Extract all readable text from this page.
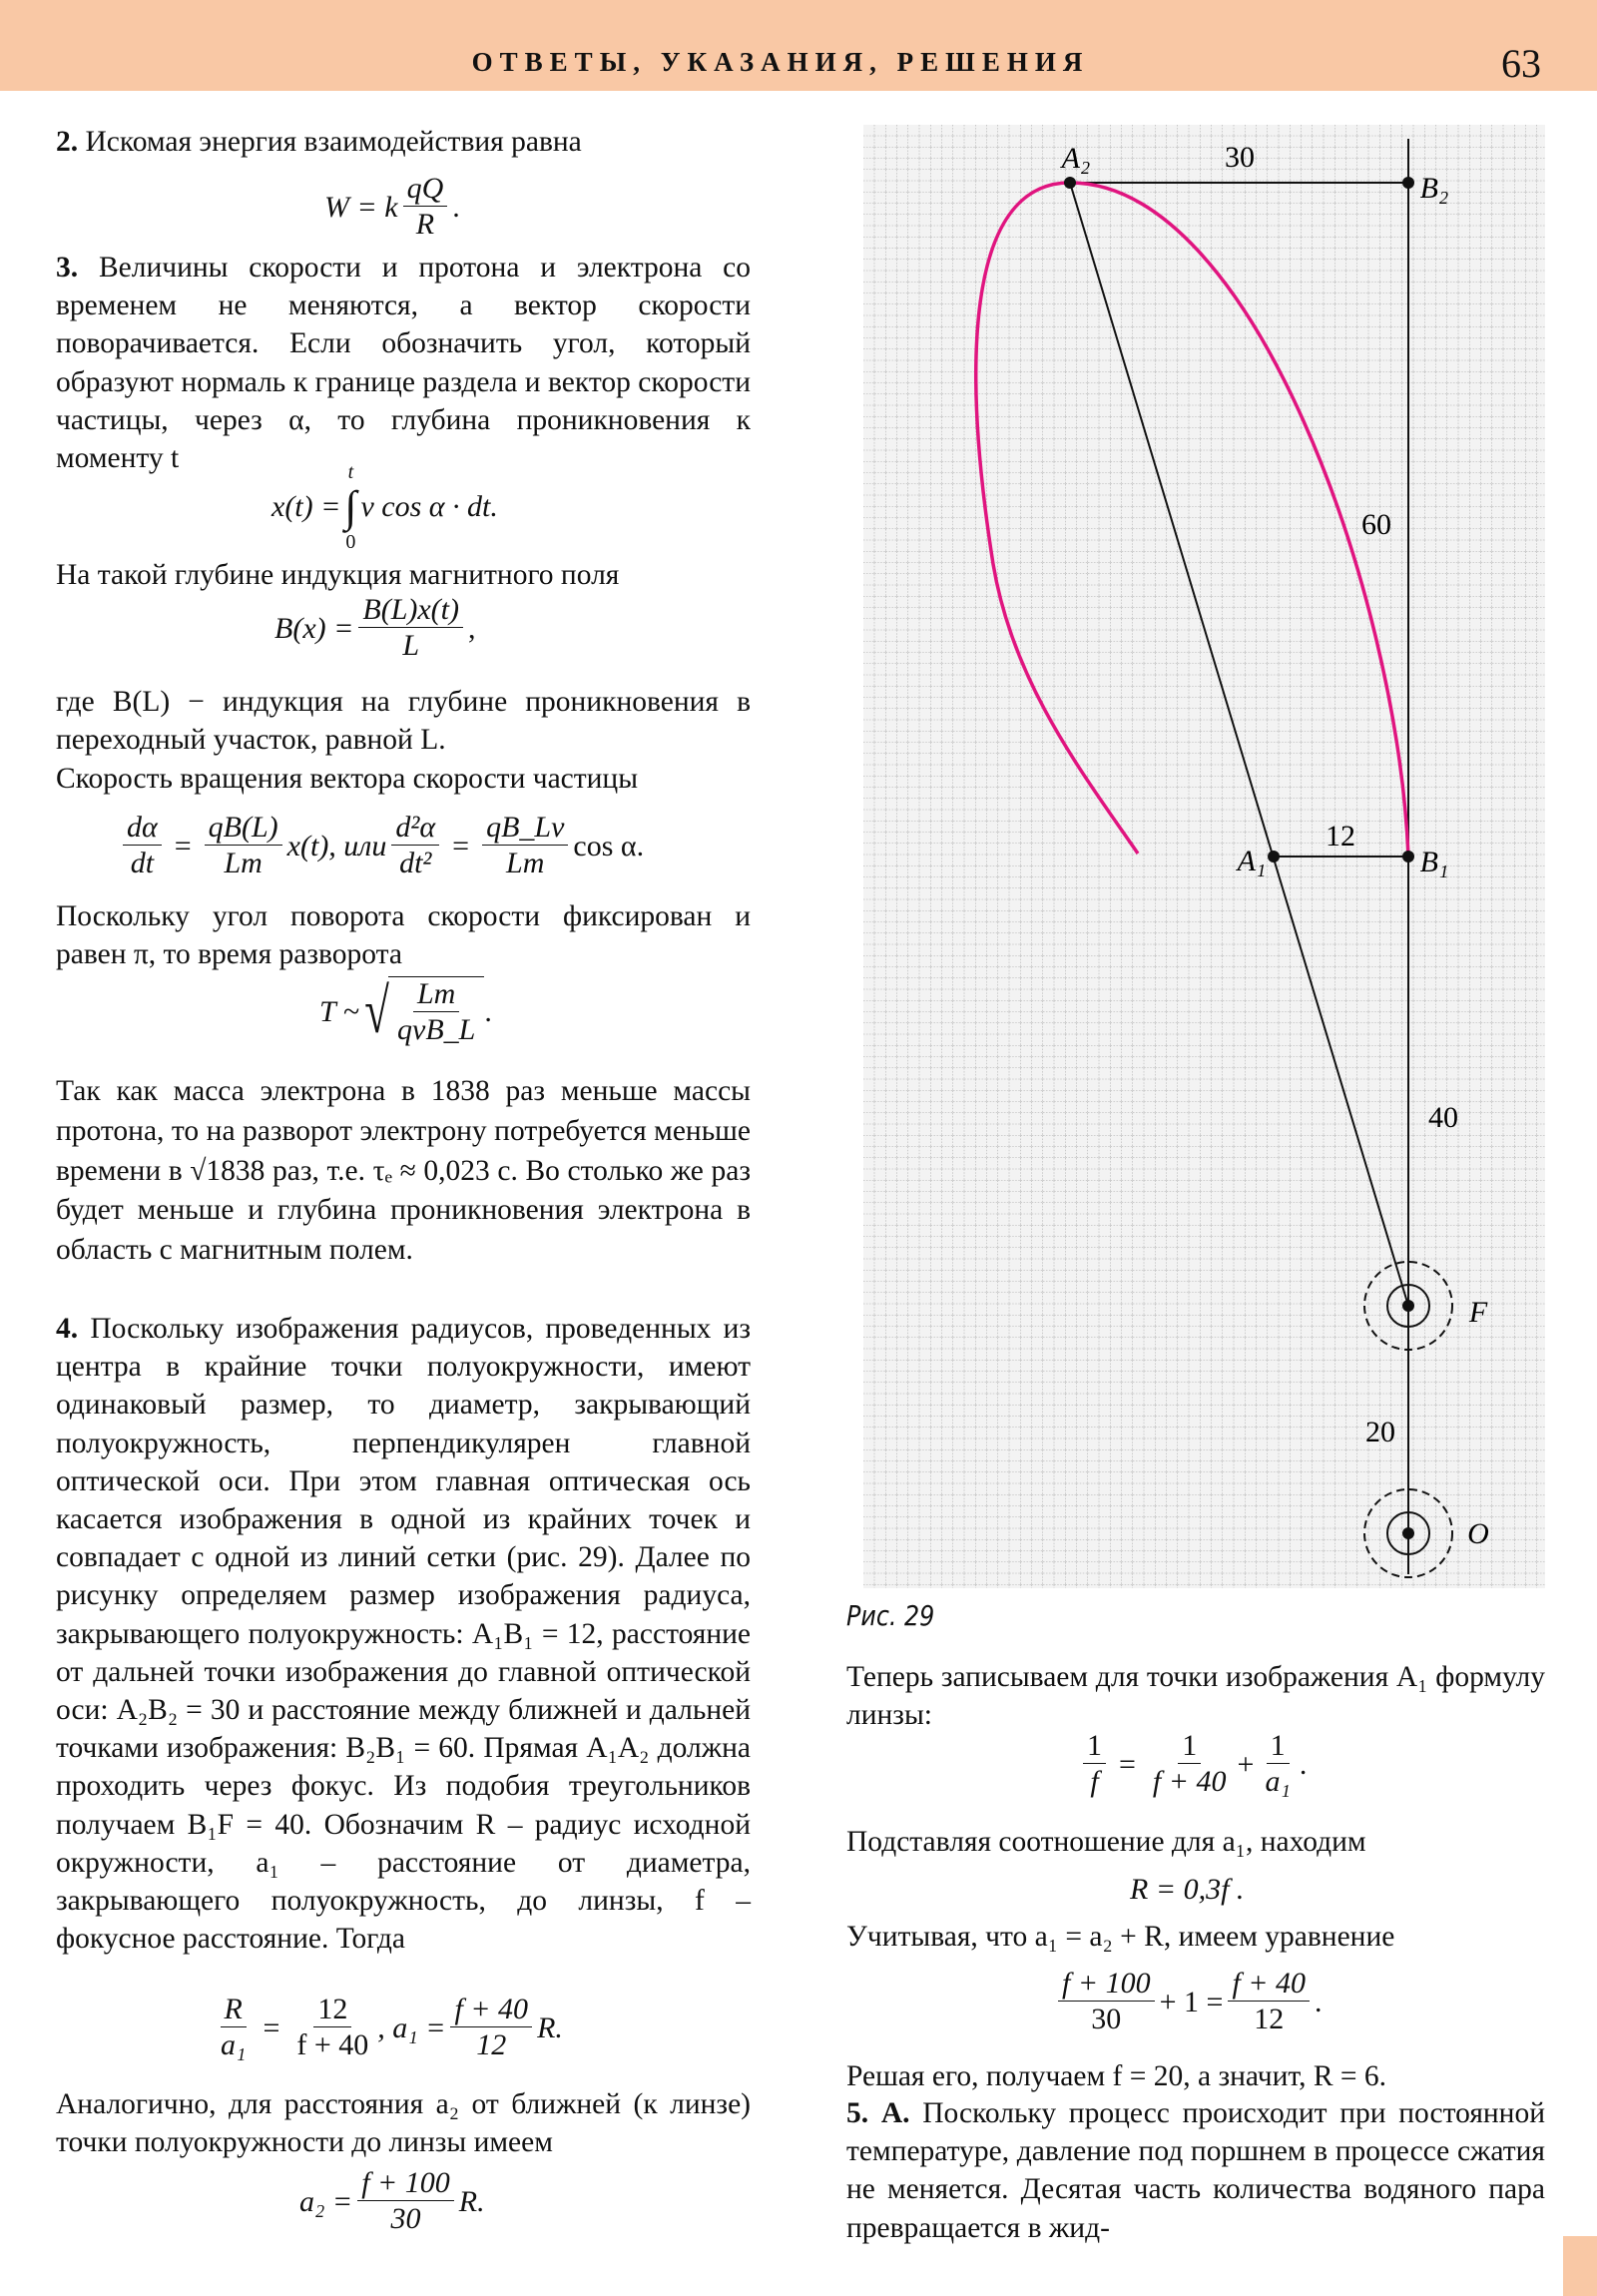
ОТВЕТЫ, УКАЗАНИЯ, РЕШЕНИЯ	63
2. Искомая энергия взаимодействия равна
W = k $\frac{qQ}{R}$ .
3. Величины скорости и протона и электрона со временем не меняются, а вектор скорости поворачивается. Если обозначить угол, который образуют нормаль к границе раздела и вектор скорости частицы, через α, то глубина проникновения к моменту t
x(t) =
t
∫
0
v cos α · dt.
На такой глубине индукция магнитного поля
$B(x) = \frac{B(L)x(t)}{L}$ ,
где B(L) − индукция на глубине проникновения в переходный участок, равной L.
Скорость вращения вектора скорости частицы
$\frac{d\alpha}{dt} = \frac{qB(L)}{Lm} x(t)$, или $\frac{\text{d²α}}{\text{dt²}} = \frac{qB\_Lv}{Lm}$ cos α.
Поскольку угол поворота скорости фиксирован и равен π, то время разворота
T ~ √ $\frac{Lm}{\text{qvB\_L}}$ .
Так как масса электрона в 1838 раз меньше массы протона, то на разворот электрону потребуется меньше времени в √1838 раз, т.е. τₑ ≈ 0,023 с. Во столько же раз будет меньше и глубина проникновения электрона в область с магнитным полем.
4. Поскольку изображения радиусов, проведенных из центра в крайние точки полуокружности, имеют одинаковый размер, то диаметр, закрывающий полуокружность, перпендикулярен главной оптической оси. При этом главная оптическая ось касается изображения в одной из крайних точек и совпадает с одной из линий сетки (рис. 29). Далее по рисунку определяем размер изображения радиуса, закрывающего полуокружность: A₁B₁ = 12, расстояние от дальней точки изображения до главной оптической оси: A₂B₂ = 30 и расстояние между ближней и дальней точками изображения: B₂B₁ = 60. Прямая A₁A₂ должна проходить через фокус. Из подобия треугольников получаем B₁F = 40. Обозначим R – радиус исходной окружности, a₁ – расстояние от диаметра, закрывающего полуокружность, до линзы, f – фокусное расстояние. Тогда
$\frac{R}{\text{a₁}} = \frac{12}{f + 40}$ , $a_1 = \frac{f + 40}{12} R$.
Аналогично, для расстояния a₂ от ближней (к линзе) точки полуокружности до линзы имеем
$a_2 = \frac{f + 100}{30} R$.
A₂	30
B₂
60
12
A₁	B₁
40
F
20
O
Рис. 29
Теперь записываем для точки изображения A₁ формулу линзы:
$\frac{1}{f} = \frac{1}{f + 40} + \frac{1}{\text{a₁}}$ .
Подставляя соотношение для a₁, находим
R = 0,3f .
Учитывая, что a₁ = a₂ + R, имеем уравнение
$\frac{f + 100}{30} + 1 = \frac{f + 40}{12}$ .
Решая его, получаем f = 20, а значит, R = 6.
5. А. Поскольку процесс происходит при постоянной температуре, давление под поршнем в процессе сжатия не меняется. Десятая часть количества водяного пара превращается в жид-
